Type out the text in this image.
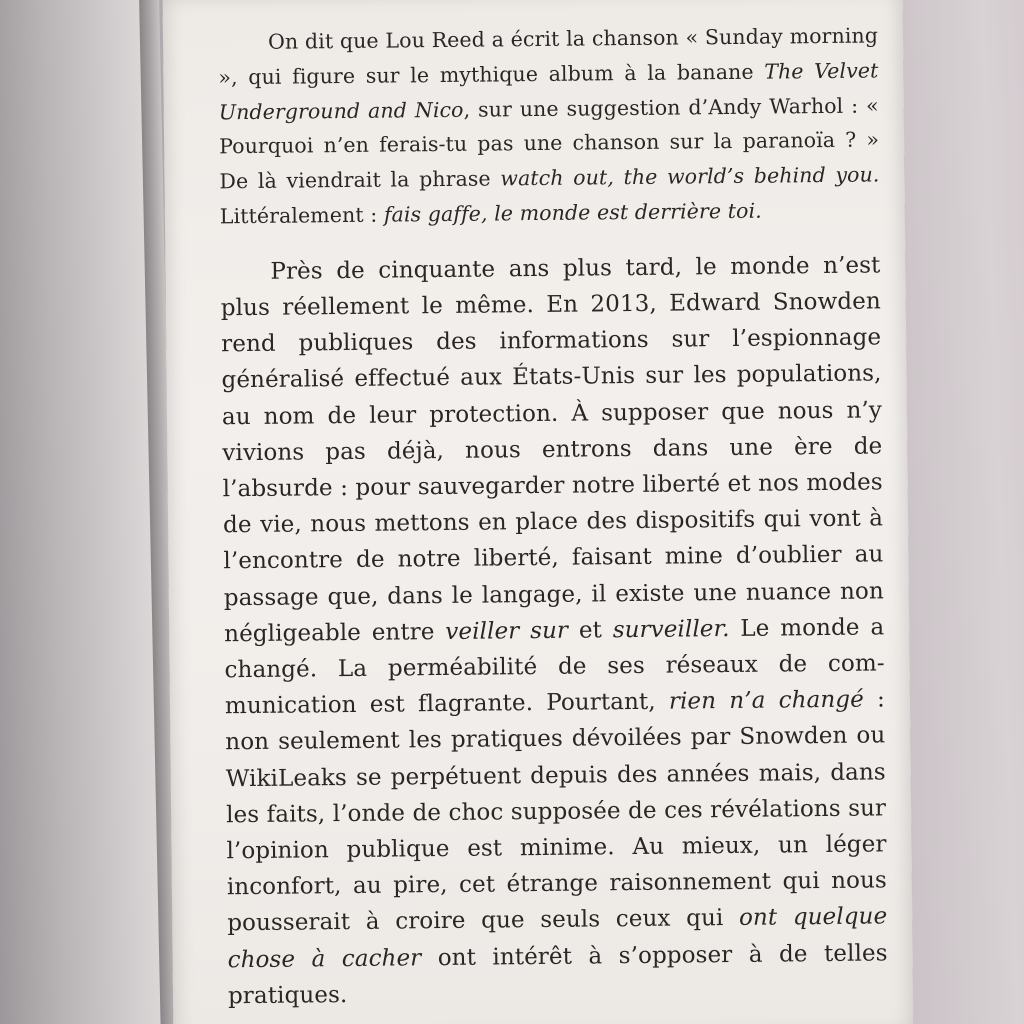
On dit que Lou Reed a écrit la chanson « Sunday morning », qui figure sur le mythique album à la banane The Velvet Underground and Nico, sur une suggestion d’Andy Warhol : « Pourquoi n’en ferais-tu pas une chanson sur la paranoïa ? » De là viendrait la phrase watch out, the world’s behind you. Littéralement : fais gaffe, le monde est derrière toi.

Près de cinquante ans plus tard, le monde n’est plus réellement le même. En 2013, Edward Snowden rend publiques des informations sur l’espionnage généralisé effectué aux États-Unis sur les populations, au nom de leur protection. À supposer que nous n’y vivions pas déjà, nous entrons dans une ère de l’absurde : pour sauvegarder notre liberté et nos modes de vie, nous mettons en place des dispositifs qui vont à l’encontre de notre liberté, faisant mine d’oublier au passage que, dans le langage, il existe une nuance non négligeable entre veiller sur et surveiller. Le monde a changé. La perméabilité de ses réseaux de communication est flagrante. Pourtant, rien n’a changé : non seulement les pratiques dévoilées par Snowden ou WikiLeaks se perpétuent depuis des années mais, dans les faits, l’onde de choc supposée de ces révélations sur l’opinion publique est minime. Au mieux, un léger inconfort, au pire, cet étrange raisonnement qui nous pousserait à croire que seuls ceux qui ont quelque chose à cacher ont intérêt à s’opposer à de telles pratiques.
